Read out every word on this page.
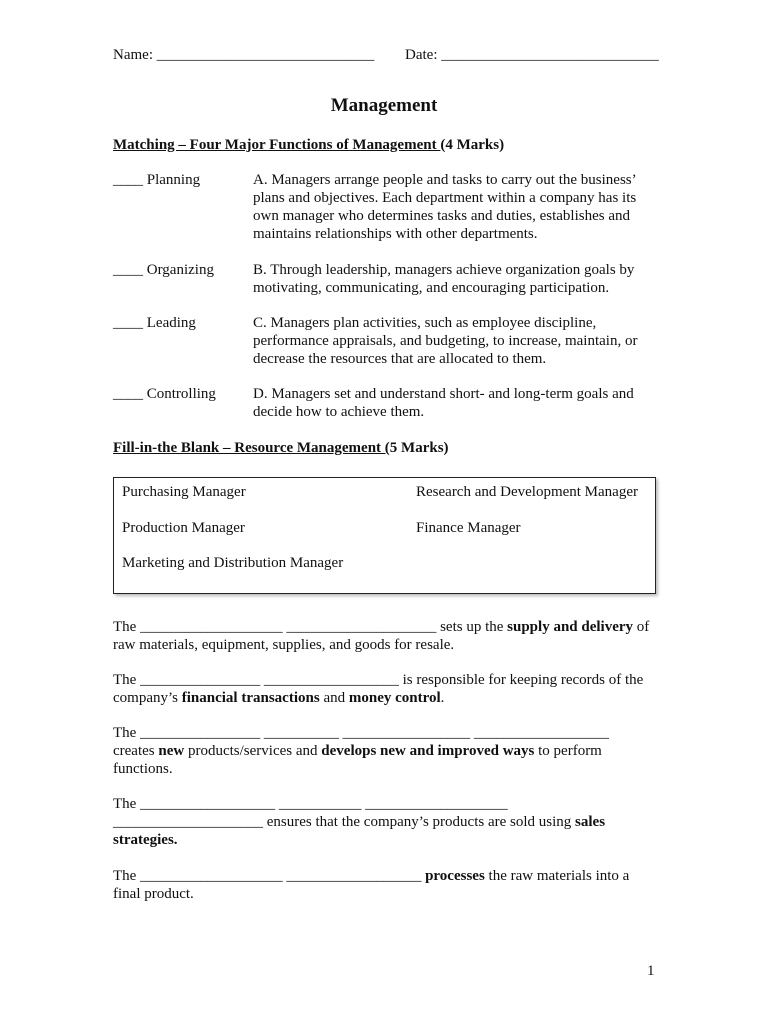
Name: _____________________________ Date: _____________________________
Management
Matching – Four Major Functions of Management (4 Marks)
____ Planning	A. Managers arrange people and tasks to carry out the business’ plans and objectives. Each department within a company has its own manager who determines tasks and duties, establishes and maintains relationships with other departments.
____ Organizing	B. Through leadership, managers achieve organization goals by motivating, communicating, and encouraging participation.
____ Leading	C. Managers plan activities, such as employee discipline, performance appraisals, and budgeting, to increase, maintain, or decrease the resources that are allocated to them.
____ Controlling D. Managers set and understand short- and long-term goals and decide how to achieve them.
Fill-in-the Blank – Resource Management (5 Marks)
Purchasing Manager	Research and Development Manager
Production Manager	Finance Manager
Marketing and Distribution Manager
The ___________________ ____________________ sets up the supply and delivery of raw materials, equipment, supplies, and goods for resale.
The ________________ __________________ is responsible for keeping records of the company’s financial transactions and money control.
The ________________ __________ _________________ __________________ creates new products/services and develops new and improved ways to perform functions.
The __________________ ___________ ___________________ ____________________ ensures that the company’s products are sold using sales strategies.
The ___________________ __________________ processes the raw materials into a final product.
1
